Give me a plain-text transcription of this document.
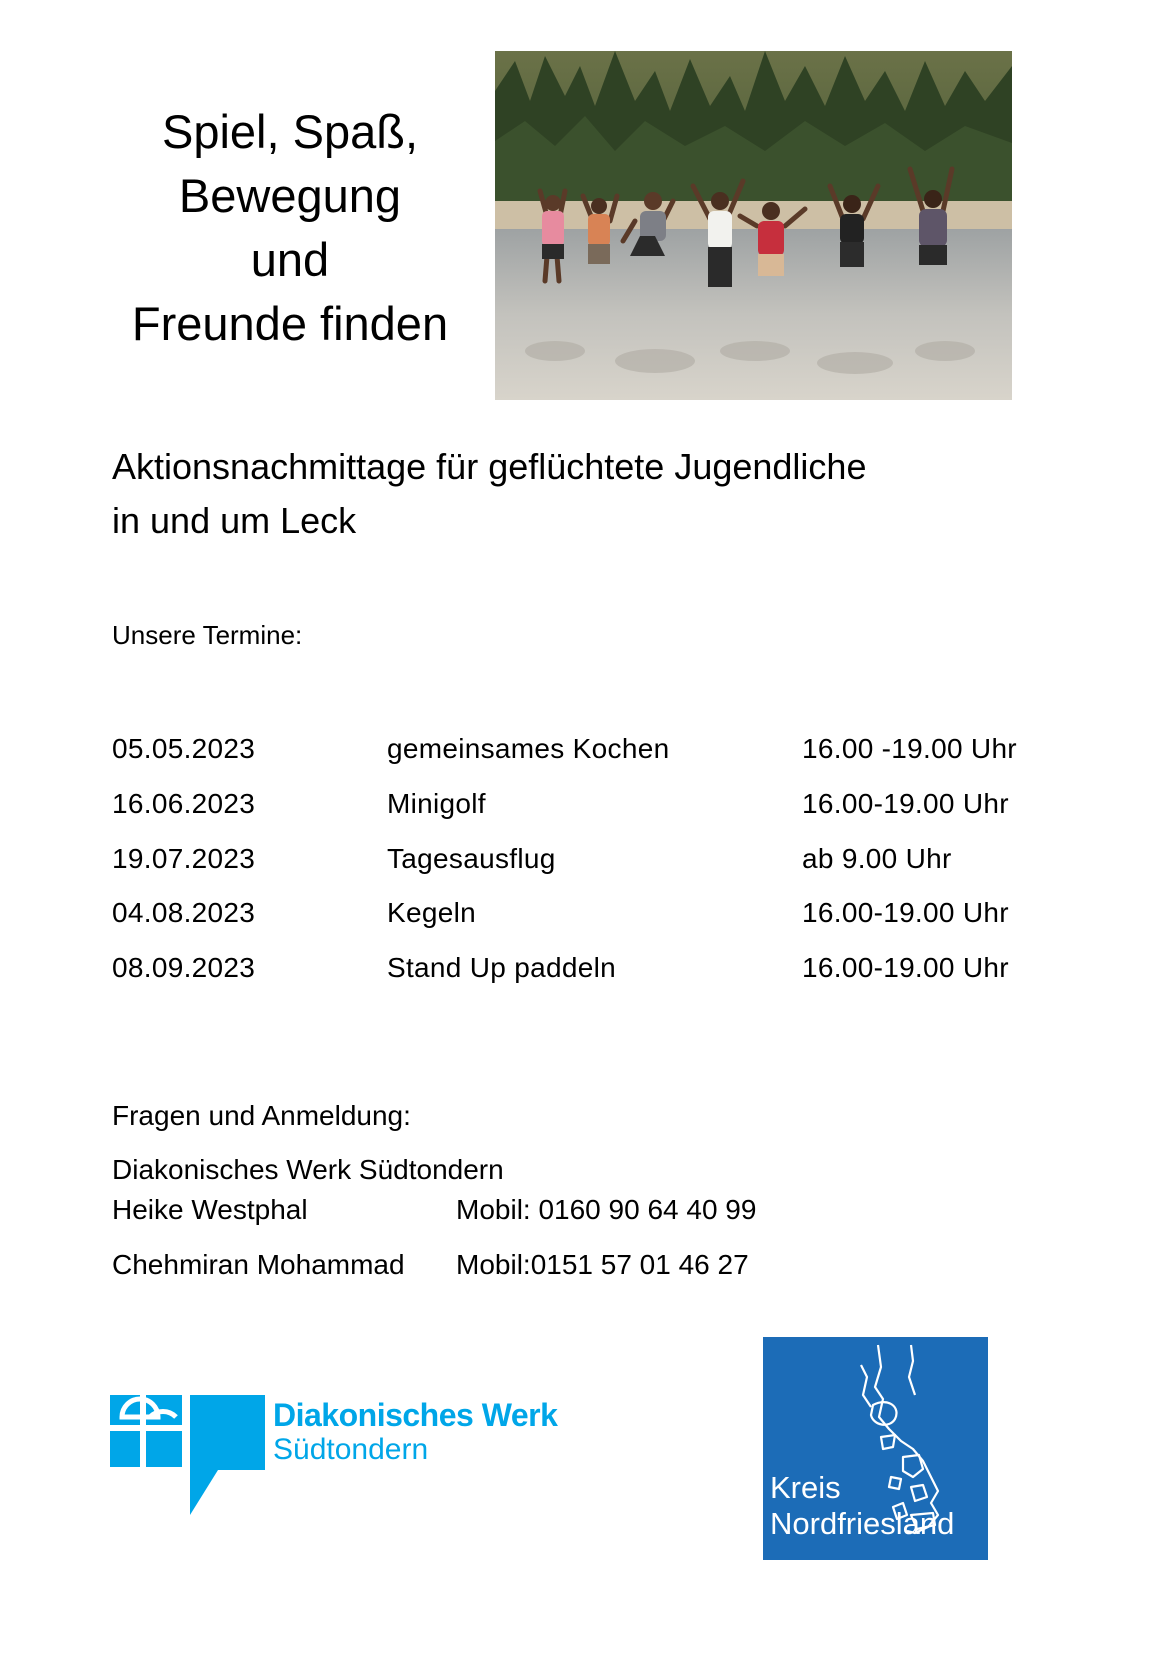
Spiel, Spaß,
Bewegung
und
Freunde finden
Aktionsnachmittage für geflüchtete Jugendliche
in und um Leck
Unsere Termine:
05.05.2023	gemeinsames Kochen	16.00 -19.00 Uhr
16.06.2023	Minigolf	16.00-19.00 Uhr
19.07.2023	Tagesausflug	ab 9.00 Uhr
04.08.2023	Kegeln	16.00-19.00 Uhr
08.09.2023	Stand Up paddeln	16.00-19.00 Uhr
Fragen und Anmeldung:
Diakonisches Werk Südtondern
Heike Westphal	Mobil: 0160 90 64 40 99
Chehmiran Mohammad Mobil:0151 57 01 46 27
Diakonisches Werk
Südtondern
Kreis
Nordfriesland
